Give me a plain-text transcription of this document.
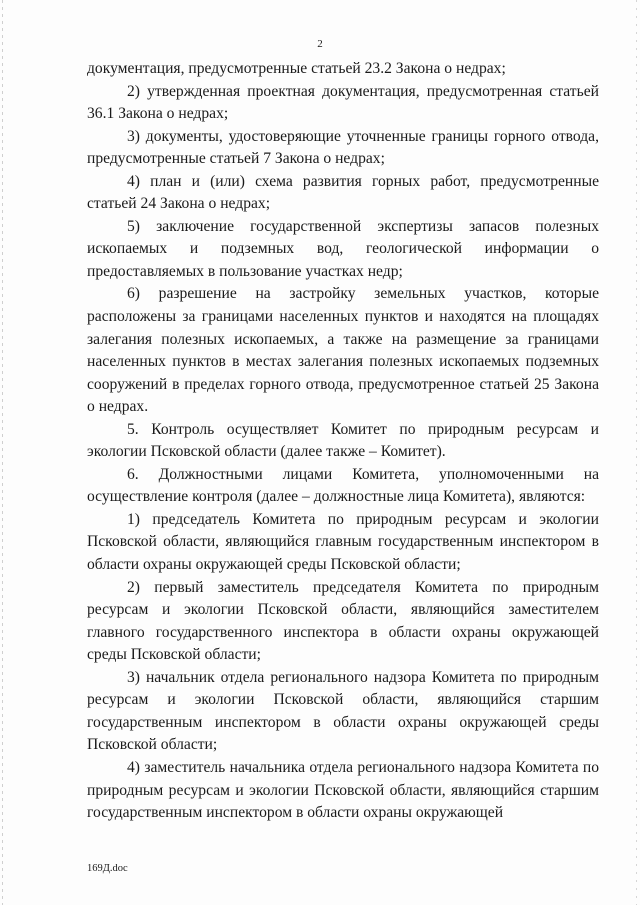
2

документация, предусмотренные статьей 23.2 Закона о недрах;

2) утвержденная проектная документация, предусмотренная статьей 36.1 Закона о недрах;

3) документы, удостоверяющие уточненные границы горного отвода, предусмотренные статьей 7 Закона о недрах;

4) план и (или) схема развития горных работ, предусмотренные статьей 24 Закона о недрах;

5) заключение государственной экспертизы запасов полезных ископаемых и подземных вод, геологической информации о предоставляемых в пользование участках недр;

6) разрешение на застройку земельных участков, которые расположены за границами населенных пунктов и находятся на площадях залегания полезных ископаемых, а также на размещение за границами населенных пунктов в местах залегания полезных ископаемых подземных сооружений в пределах горного отвода, предусмотренное статьей 25 Закона о недрах.

5. Контроль осуществляет Комитет по природным ресурсам и экологии Псковской области (далее также – Комитет).

6. Должностными лицами Комитета, уполномоченными на осуществление контроля (далее – должностные лица Комитета), являются:

1) председатель Комитета по природным ресурсам и экологии Псковской области, являющийся главным государственным инспектором в области охраны окружающей среды Псковской области;

2) первый заместитель председателя Комитета по природным ресурсам и экологии Псковской области, являющийся заместителем главного государственного инспектора в области охраны окружающей среды Псковской области;

3) начальник отдела регионального надзора Комитета по природным ресурсам и экологии Псковской области, являющийся старшим государственным инспектором в области охраны окружающей среды Псковской области;

4) заместитель начальника отдела регионального надзора Комитета по природным ресурсам и экологии Псковской области, являющийся старшим государственным инспектором в области охраны окружающей

169Д.doc
